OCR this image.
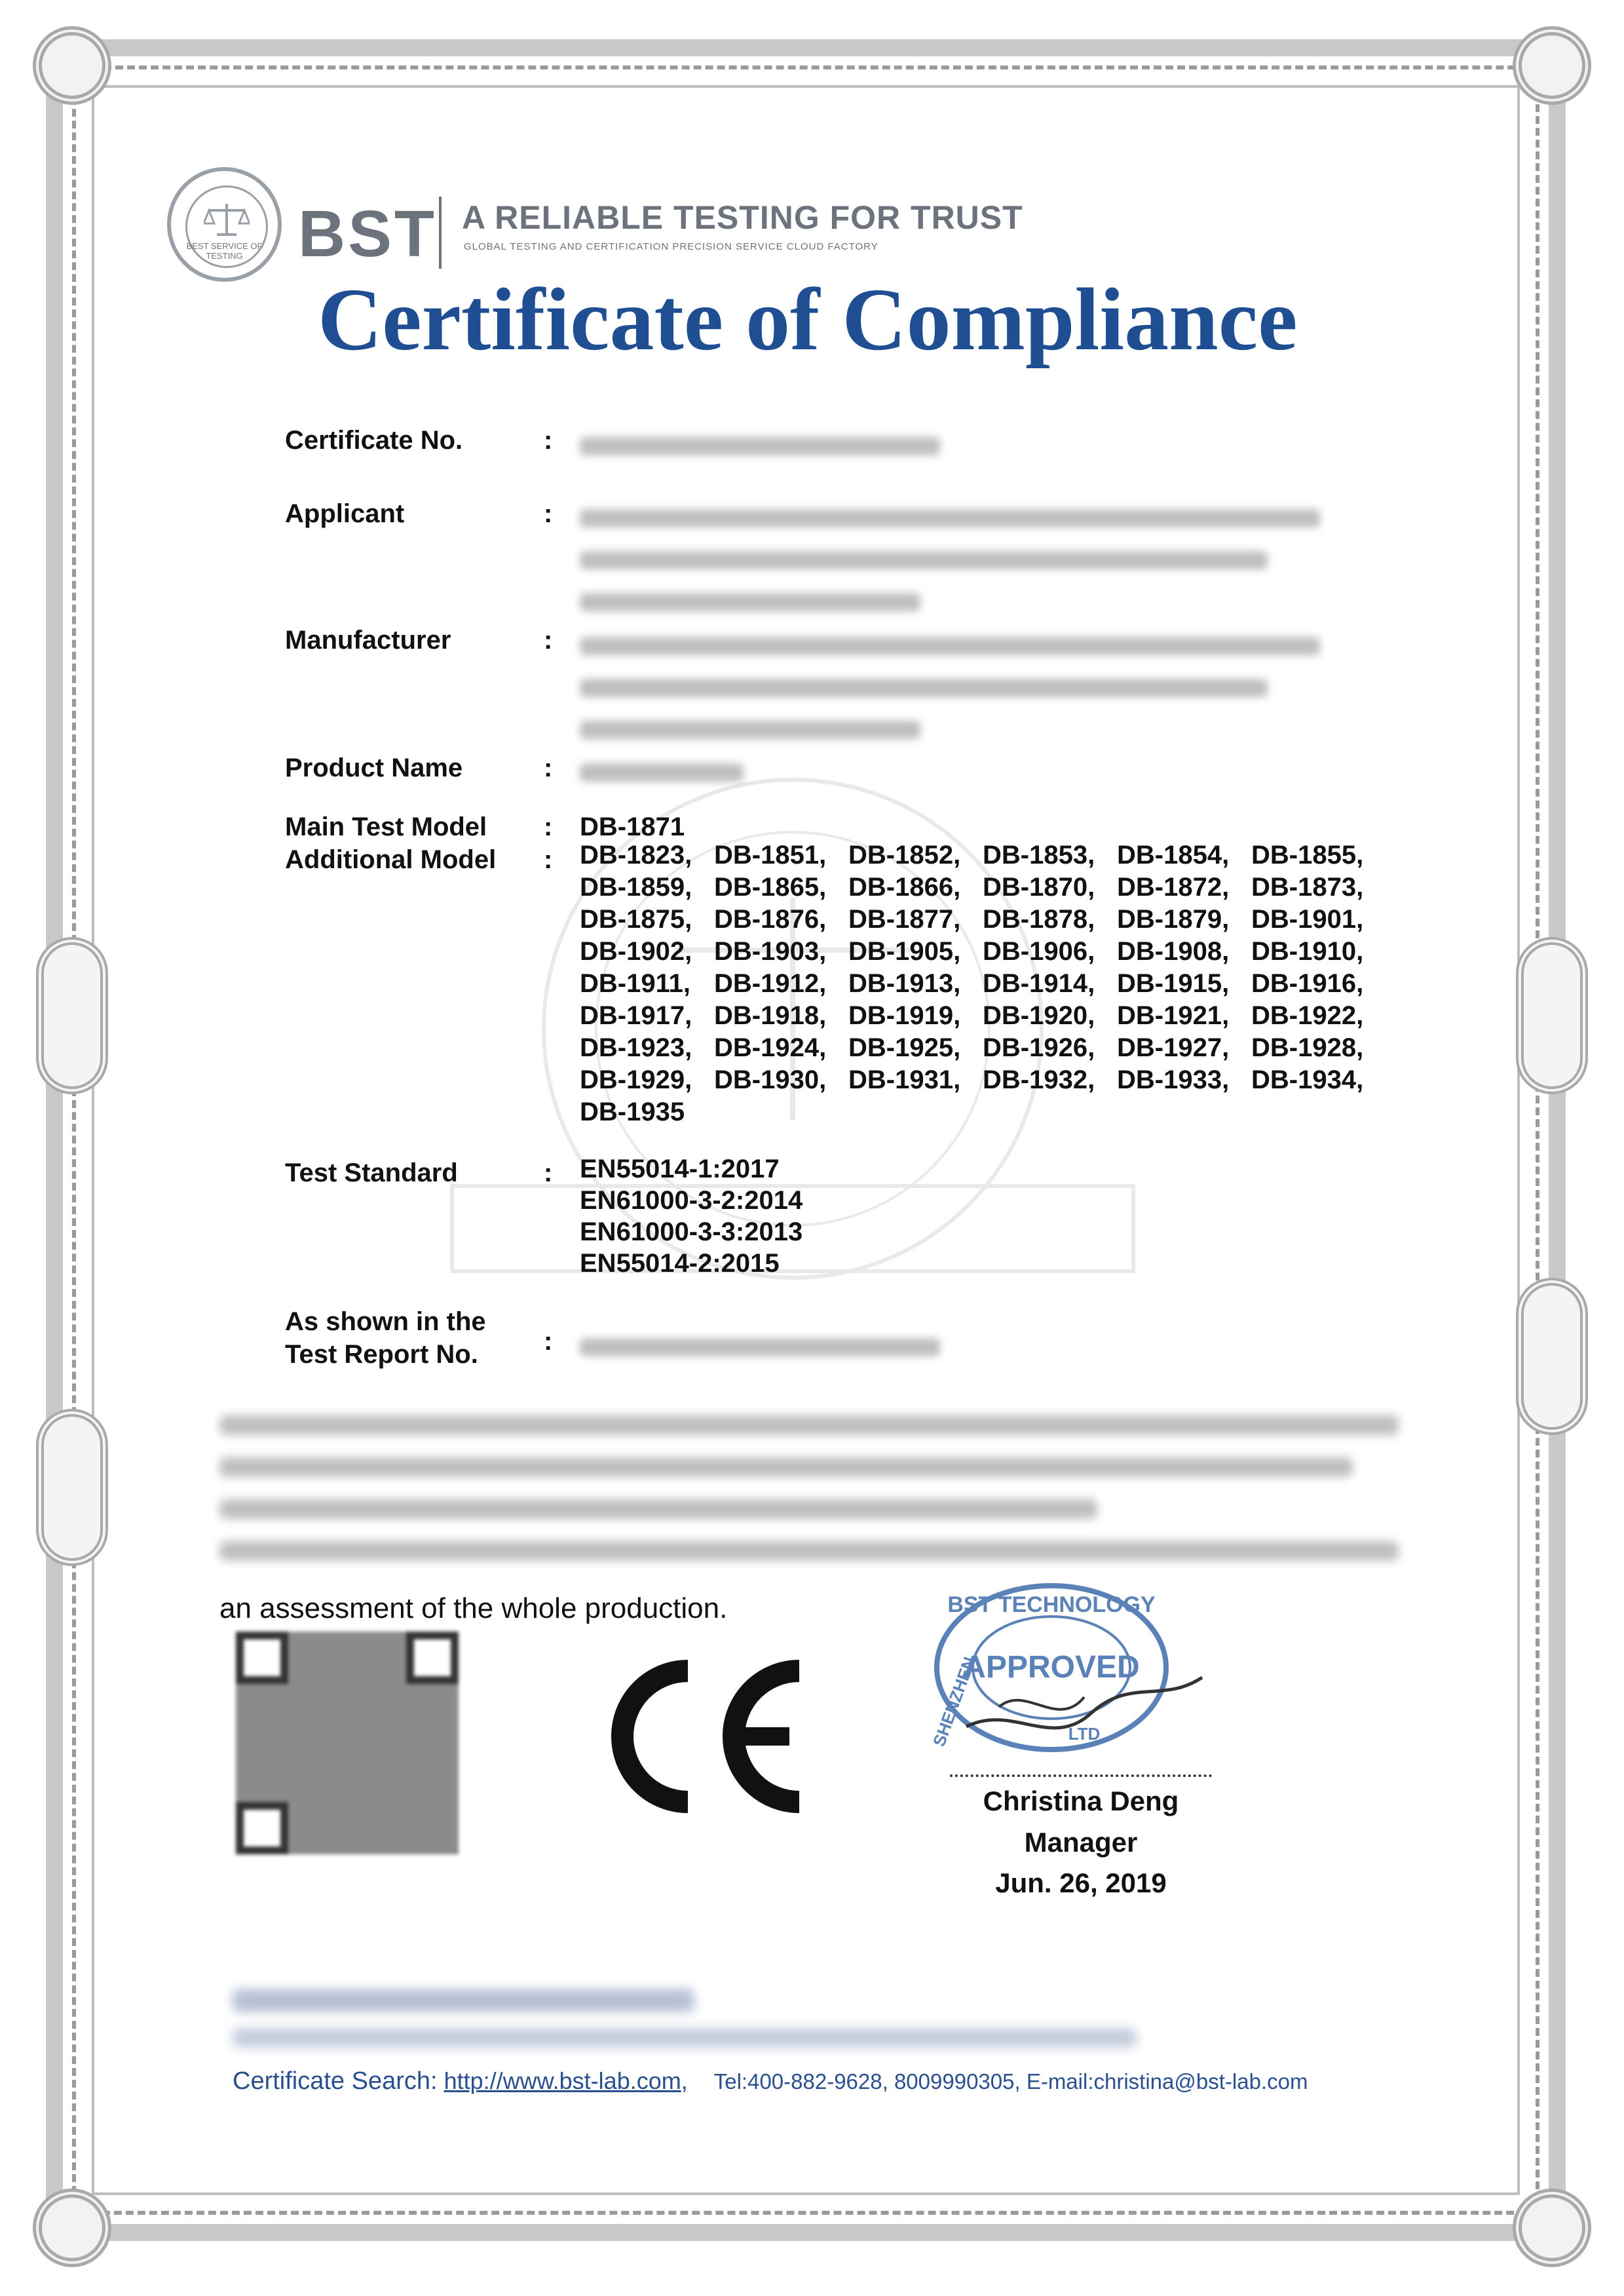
BEST SERVICE OF TESTING BST A RELIABLE TESTING FOR TRUST
GLOBAL TESTING AND CERTIFICATION PRECISION SERVICE CLOUD FACTORY
Certificate of Compliance
Certificate No.	:
Applicant	:

Manufacturer	:

Product Name	:
Main Test Model : DB-1871
Additional Model : DB-1823, DB-1851, DB-1852, DB-1853, DB-1854, DB-1855,
DB-1859, DB-1865, DB-1866, DB-1870, DB-1872, DB-1873,
DB-1875, DB-1876, DB-1877, DB-1878, DB-1879, DB-1901,
DB-1902, DB-1903, DB-1905, DB-1906, DB-1908, DB-1910,
DB-1911, DB-1912, DB-1913, DB-1914, DB-1915, DB-1916,
DB-1917, DB-1918, DB-1919, DB-1920, DB-1921, DB-1922,
DB-1923, DB-1924, DB-1925, DB-1926, DB-1927, DB-1928,
DB-1929, DB-1930, DB-1931, DB-1932, DB-1933, DB-1934,
DB-1935
Test Standard	: EN55014-1:2017
EN61000-3-2:2014
EN61000-3-3:2013
EN55014-2:2015
As shown in the
Test Report No.	:
an assessment of the whole production.	BST TECHNOLOGY
APPROVED
SHENZHEN	LTD
Christina Deng
Manager
Jun. 26, 2019
Certificate Search: http://www.bst-lab.com, Tel:400-882-9628, 8009990305, E-mail:christina@bst-lab.com
